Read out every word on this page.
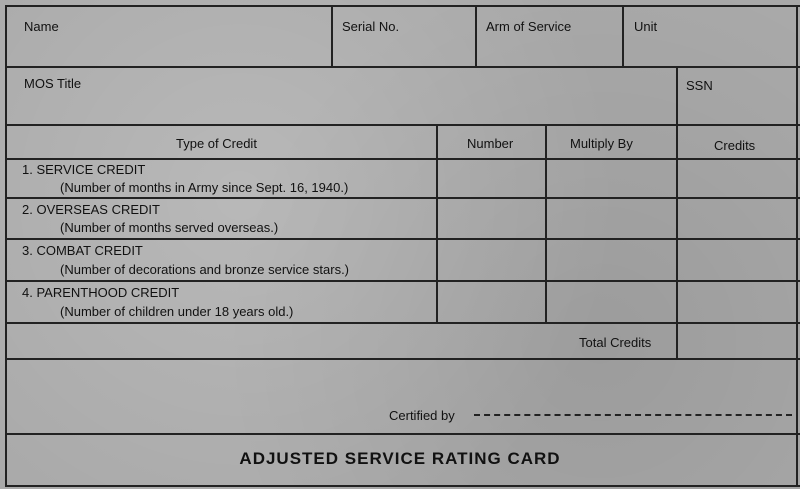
Name	Serial No.	Arm of Service	Unit
MOS Title	SSN
Type of Credit	Number	Multiply By	Credits
1. SERVICE CREDIT
(Number of months in Army since Sept. 16, 1940.)
2. OVERSEAS CREDIT
(Number of months served overseas.)
3. COMBAT CREDIT
(Number of decorations and bronze service stars.)
4. PARENTHOOD CREDIT
(Number of children under 18 years old.)
Total Credits
Certified by
ADJUSTED SERVICE RATING CARD
